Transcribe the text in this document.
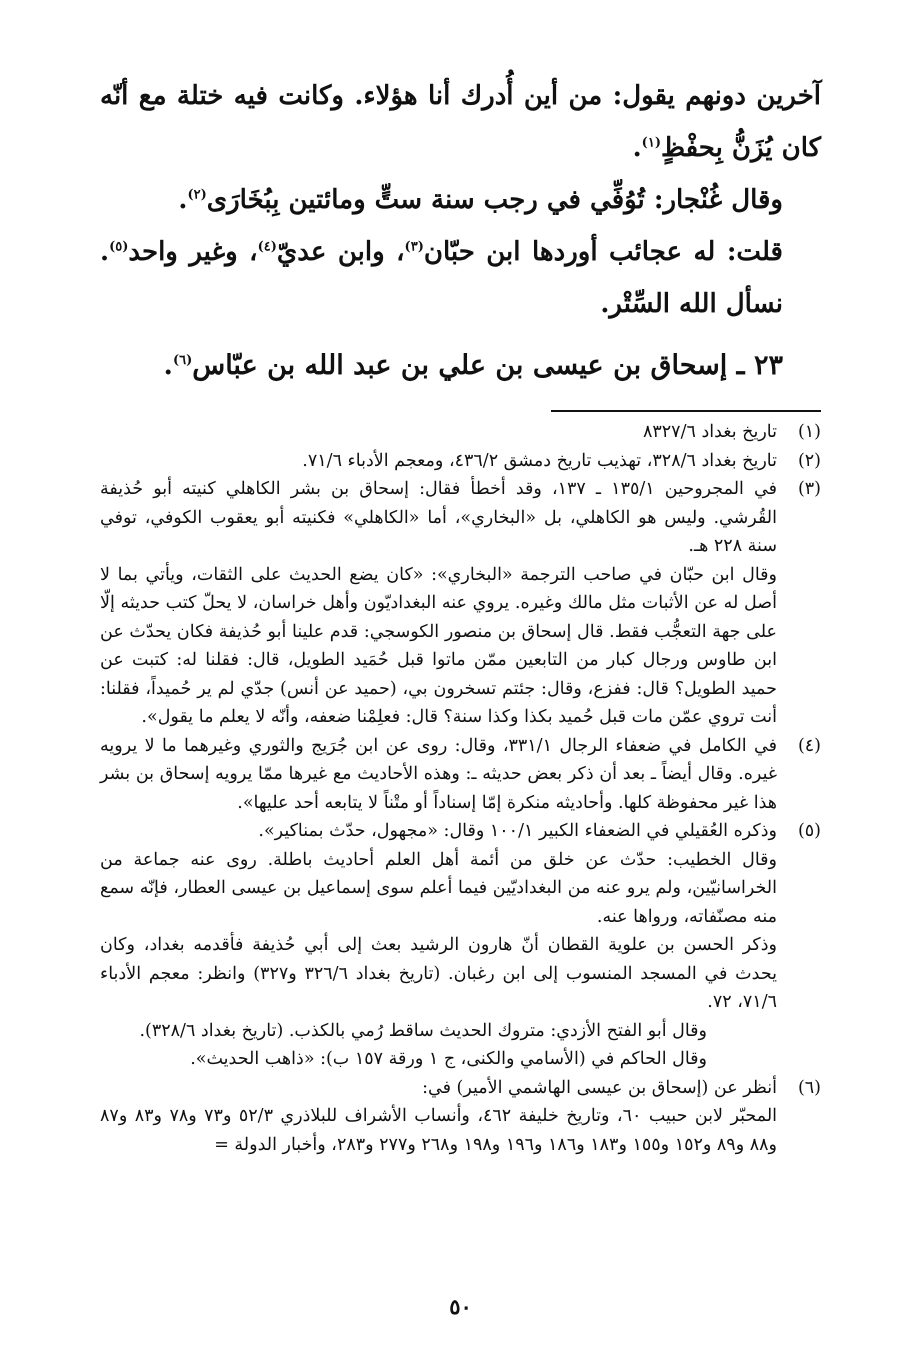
آخرين دونهم يقول: من أين أُدرك أنا هؤلاء. وكانت فيه ختلة مع أنّه كان يُزَنُّ بِحفْظٍ$^{(١)}$.

وقال غُنْجار: تُوُفِّي في رجب سنة ستٍّ ومائتين بِبُخَارَى$^{(٢)}$.

قلت: له عجائب أوردها ابن حبّان$^{(٣)}$، وابن عديّ$^{(٤)}$، وغير واحد$^{(٥)}$. نسأل الله السِّتْر.

٢٣ ـ إسحاق بن عيسى بن علي بن عبد الله بن عبّاس$^{(٦)}$.
(١)

تاريخ بغداد ٨٣٢٧/٦

(٢)

تاريخ بغداد ٣٢٨/٦، تهذيب تاريخ دمشق ٤٣٦/٢، ومعجم الأدباء ٧١/٦.

(٣)

في المجروحين ١٣٥/١ ـ ١٣٧، وقد أخطأ فقال: إسحاق بن بشر الكاهلي كنيته أبو حُذيفة القُرشي. وليس هو الكاهلي، بل «البخاري»، أما «الكاهلي» فكنيته أبو يعقوب الكوفي، توفي سنة ٢٢٨ هـ.

وقال ابن حبّان في صاحب الترجمة «البخاري»: «كان يضع الحديث على الثقات، ويأتي بما لا أصل له عن الأثبات مثل مالك وغيره. يروي عنه البغداديّون وأهل خراسان، لا يحلّ كتب حديثه إلّا على جهة التعجُّب فقط. قال إسحاق بن منصور الكوسجي: قدم علينا أبو حُذيفة فكان يحدّث عن ابن طاوس ورجال كبار من التابعين ممّن ماتوا قبل حُمَيد الطويل، قال: فقلنا له: كتبت عن حميد الطويل؟ قال: ففزع، وقال: جئتم تسخرون بي، (حميد عن أنس) جدّي لم ير حُميداً، فقلنا: أنت تروي عمّن مات قبل حُميد بكذا وكذا سنة؟ قال: فعلِمْنا ضعفه، وأنّه لا يعلم ما يقول».

(٤)

في الكامل في ضعفاء الرجال ٣٣١/١، وقال: روى عن ابن جُرَيج والثوري وغيرهما ما لا يرويه غيره. وقال أيضاً ـ بعد أن ذكر بعض حديثه ـ: وهذه الأحاديث مع غيرها ممّا يرويه إسحاق بن بشر هذا غير محفوظة كلها. وأحاديثه منكرة إمّا إسناداً أو متْناً لا يتابعه أحد عليها».

(٥)

وذكره العُقيلي في الضعفاء الكبير ١٠٠/١ وقال: «مجهول، حدّث بمناكير».

وقال الخطيب: حدّث عن خلق من أئمة أهل العلم أحاديث باطلة. روى عنه جماعة من الخراسانيّين، ولم يرو عنه من البغداديّين فيما أعلم سوى إسماعيل بن عيسى العطار، فإنّه سمع منه مصنّفاته، ورواها عنه.

وذكر الحسن بن علوية القطان أنّ هارون الرشيد بعث إلى أبي حُذيفة فأقدمه بغداد، وكان يحدث في المسجد المنسوب إلى ابن رغبان. (تاريخ بغداد ٣٢٦/٦ و٣٢٧) وانظر: معجم الأدباء ٧١/٦، ٧٢.

وقال أبو الفتح الأزدي: متروك الحديث ساقط رُمي بالكذب. (تاريخ بغداد ٣٢٨/٦).

وقال الحاكم في (الأسامي والكنى، ج ١ ورقة ١٥٧ ب): «ذاهب الحديث».

(٦)

أنظر عن (إسحاق بن عيسى الهاشمي الأمير) في:

المحبّر لابن حبيب ٦٠، وتاريخ خليفة ٤٦٢، وأنساب الأشراف للبلاذري ٥٢/٣ و٧٣ و٧٨ و٨٣ و٨٧ و٨٨ و٨٩ و١٥٢ و١٥٥ و١٨٣ و١٨٦ و١٩٦ و١٩٨ و٢٦٨ و٢٧٧ و٢٨٣، وأخبار الدولة =

٥٠
